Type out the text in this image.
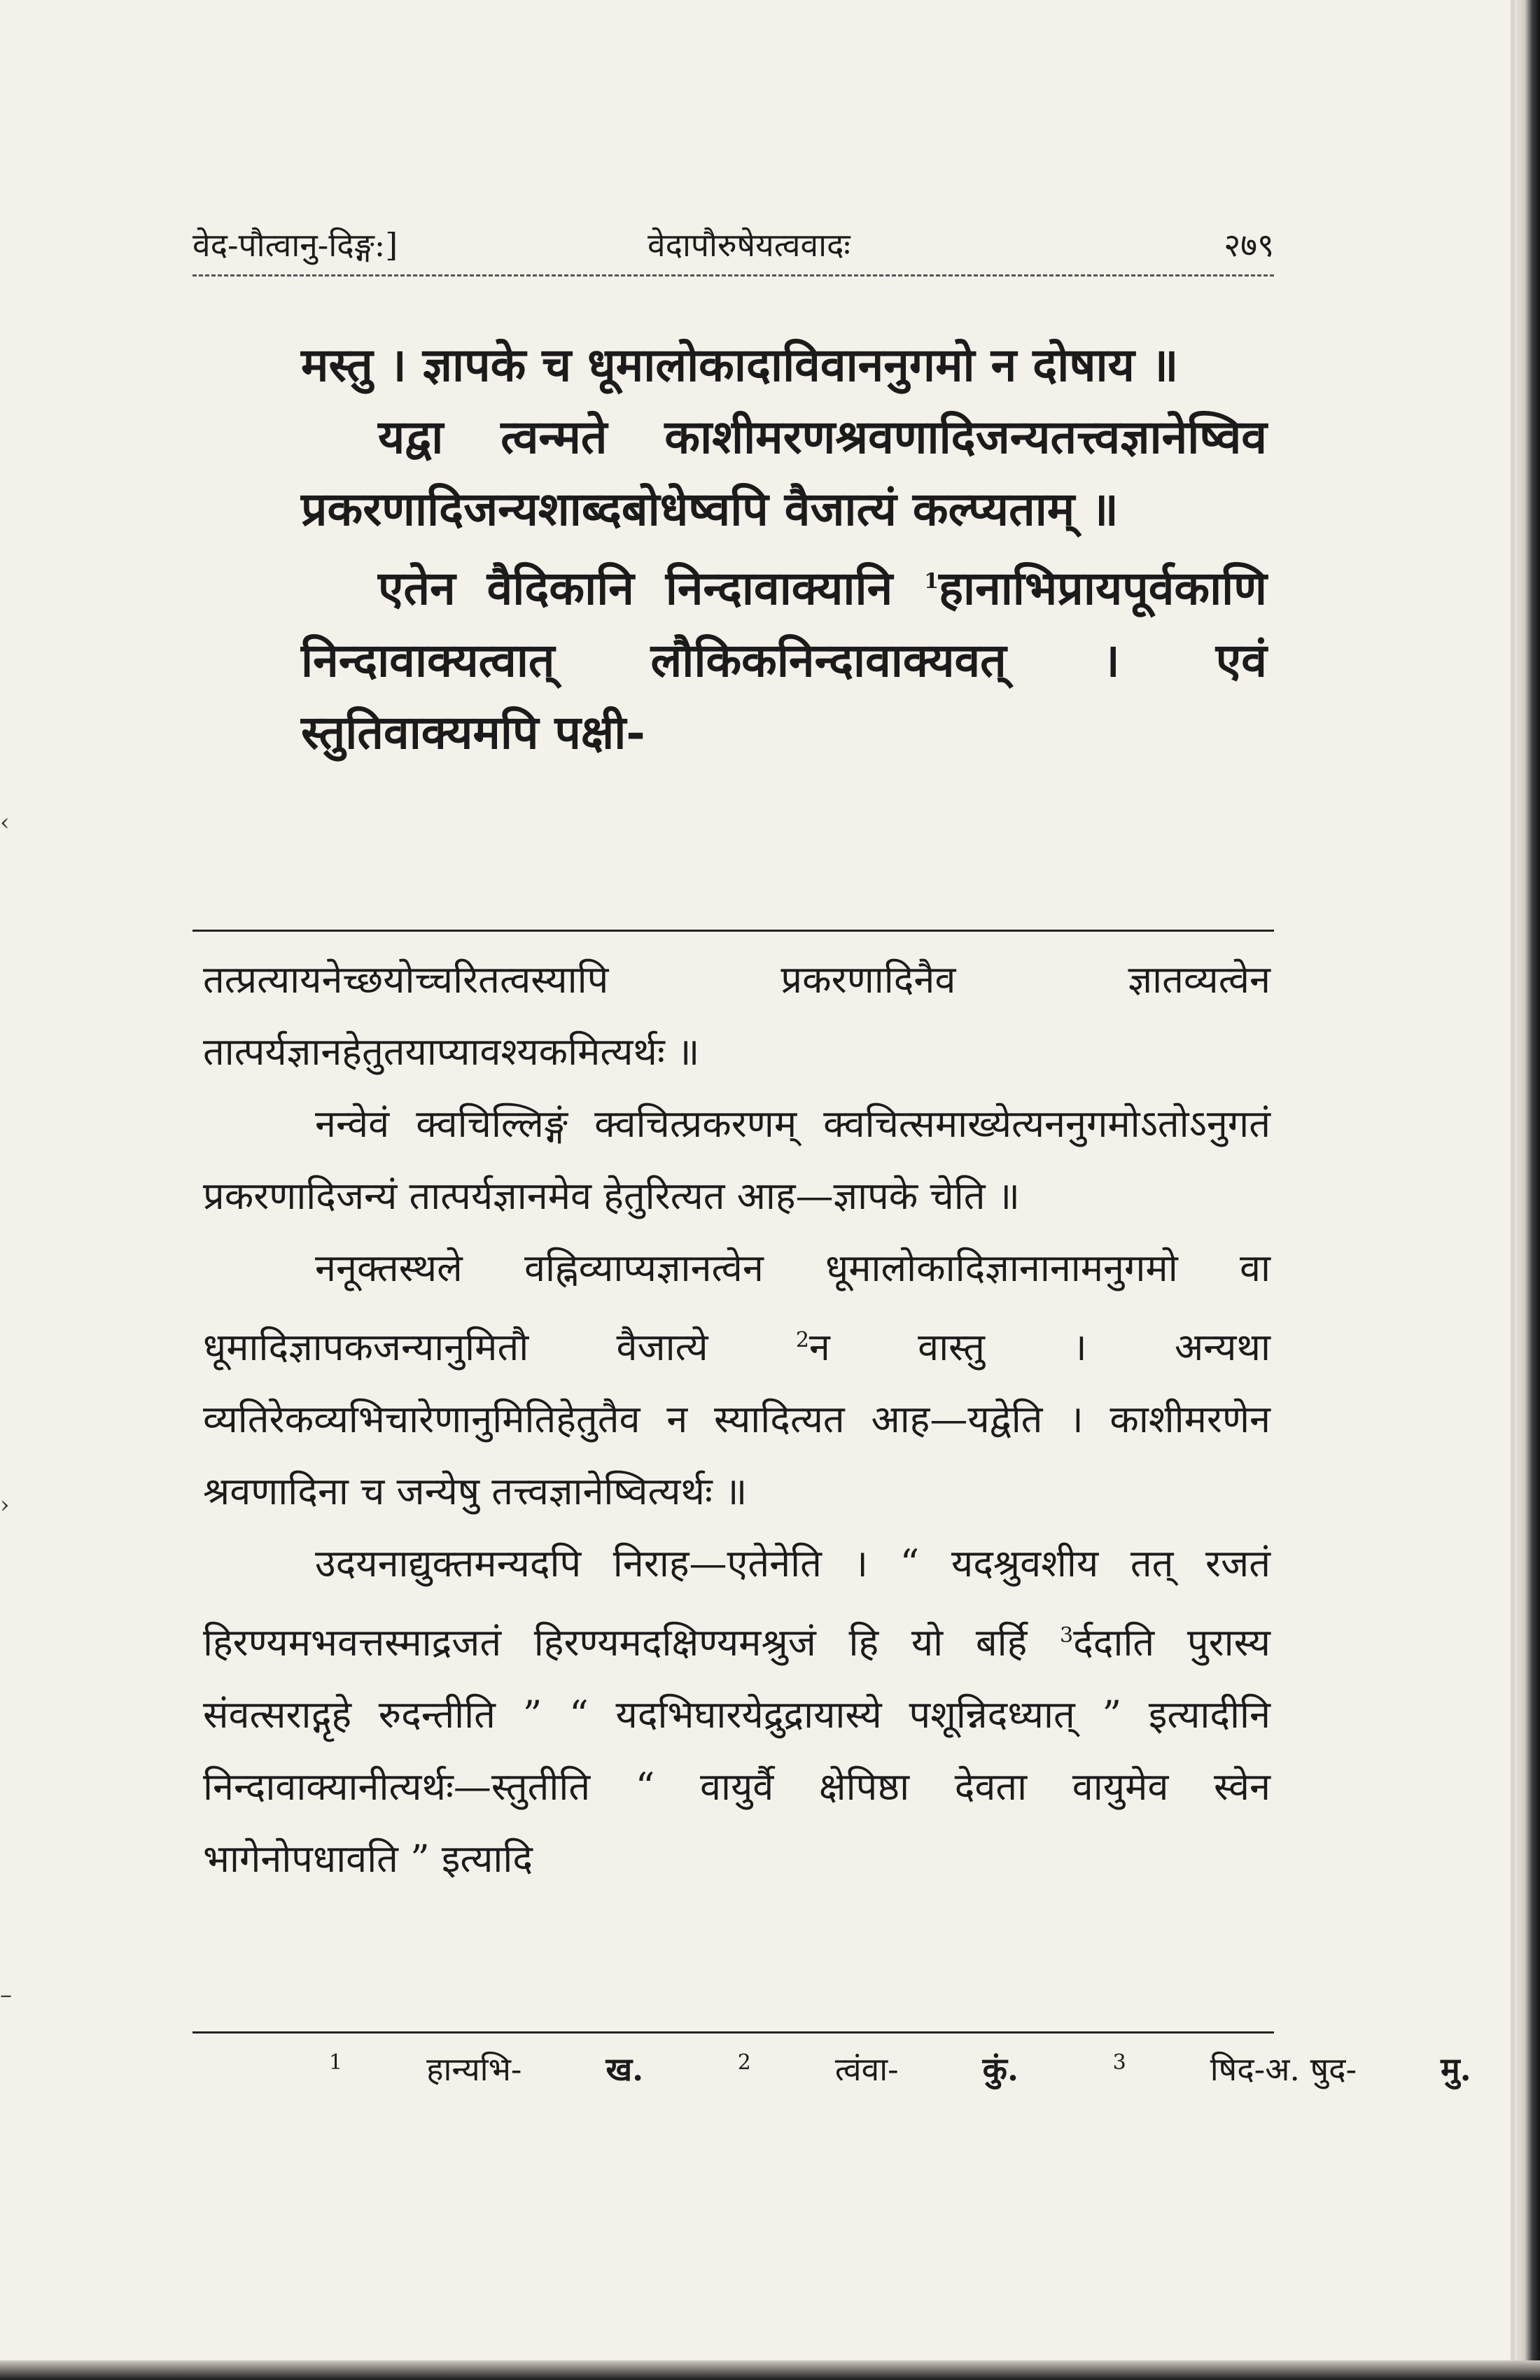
‹
›
–
वेद-पौत्वानु-दिङ्ग:]	वेदापौरुषेयत्ववादः	२७९

मस्तु । ज्ञापके च धूमालोकादाविवाननुगमो न दोषाय ॥

यद्वा त्वन्मते काशीमरणश्रवणादिजन्यतत्त्वज्ञानेष्विव प्रकरणादिजन्यशाब्दबोधेष्वपि वैजात्यं कल्प्यताम् ॥

एतेन वैदिकानि निन्दावाक्यानि $^1$हानाभिप्रायपूर्वकाणि निन्दावाक्यत्वात् लौकिकनिन्दावाक्यवत् । एवं स्तुतिवाक्यमपि पक्षी-

तत्प्रत्यायनेच्छयोच्चरितत्वस्यापि प्रकरणादिनैव ज्ञातव्यत्वेन तात्पर्यज्ञानहेतुतयाप्यावश्यकमित्यर्थः ॥

नन्वेवं क्वचिल्लिङ्गं क्वचित्प्रकरणम् क्वचित्समाख्येत्यननुगमोऽतोऽनुगतं प्रकरणादिजन्यं तात्पर्यज्ञानमेव हेतुरित्यत आह—ज्ञापके चेति ॥

ननूक्तस्थले वह्निव्याप्यज्ञानत्वेन धूमालोकादिज्ञानानामनुगमो वा धूमादिज्ञापकजन्यानुमितौ वैजात्ये $^2$न वास्तु । अन्यथा व्यतिरेकव्यभिचारेणानुमितिहेतुतैव न स्यादित्यत आह—यद्वेति । काशीमरणेन श्रवणादिना च जन्येषु तत्त्वज्ञानेष्वित्यर्थः ॥

उदयनाद्युक्तमन्यदपि निराह—एतेनेति । “ यदश्रुवशीय तत् रजतं हिरण्यमभवत्तस्माद्रजतं हिरण्यमदक्षिण्यमश्रुजं हि यो बर्हि $^3$र्ददाति पुरास्य संवत्सराद्गृहे रुदन्तीति ” “ यदभिघारयेद्रुद्रायास्ये पशून्निदध्यात् ” इत्यादीनि निन्दावाक्यानीत्यर्थः—स्तुतीति “ वायुर्वै क्षेपिष्ठा देवता वायुमेव स्वेन भागेनोपधावति ” इत्यादि

$^1$	हान्यभि-	ख.	$^2$	त्वंवा-	कुं.	$^3$	षिद-अ. षुद-	मु.
